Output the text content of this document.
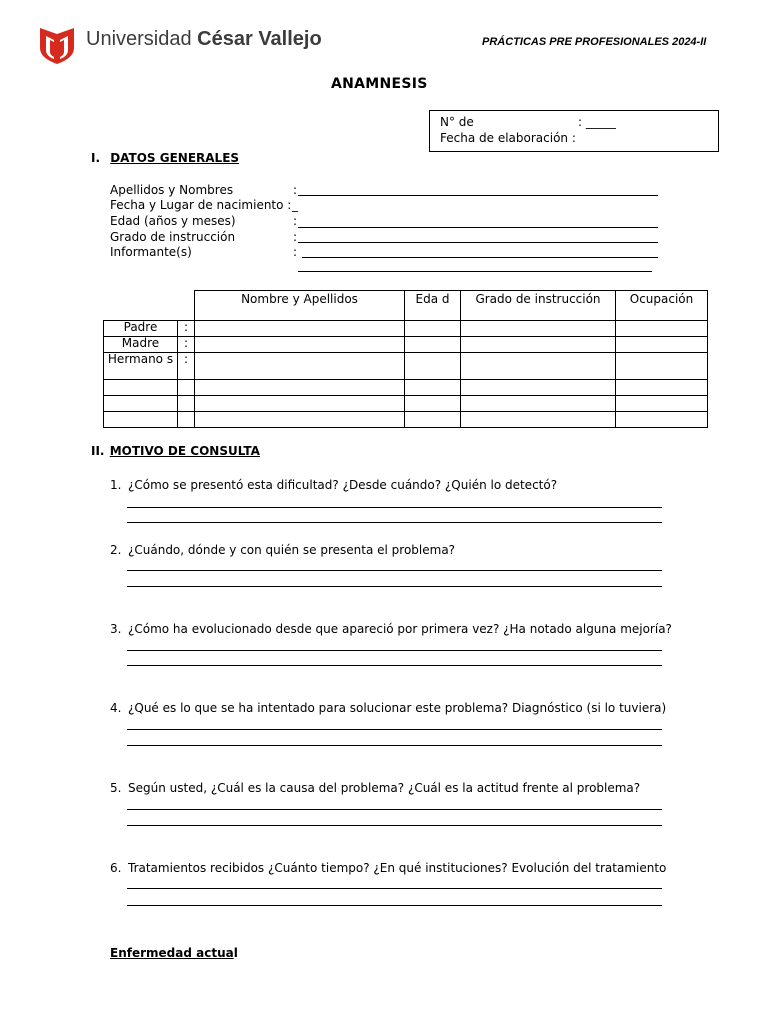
Universidad César Vallejo	PRÁCTICAS PRE PROFESIONALES 2024-II
ANAMNESIS
N° de	: _____
Fecha de elaboración :
I. DATOS GENERALES
Apellidos y Nombres	:
Fecha y Lugar de nacimiento : _
Edad (años y meses)	:
Grado de instrucción	:
Informante(s)	:
		Nombre y Apellidos	Eda d	Grado de instrucción	Ocupación
Padre	:				
Madre	:				
Hermano s	:				

II. MOTIVO DE CONSULTA
1. ¿Cómo se presentó esta dificultad? ¿Desde cuándo? ¿Quién lo detectó?
2. ¿Cuándo, dónde y con quién se presenta el problema?
3. ¿Cómo ha evolucionado desde que apareció por primera vez? ¿Ha notado alguna mejoría?
4. ¿Qué es lo que se ha intentado para solucionar este problema? Diagnóstico (si lo tuviera)
5. Según usted, ¿Cuál es la causa del problema? ¿Cuál es la actitud frente al problema?
6. Tratamientos recibidos ¿Cuánto tiempo? ¿En qué instituciones? Evolución del tratamiento
Enfermedad actual
